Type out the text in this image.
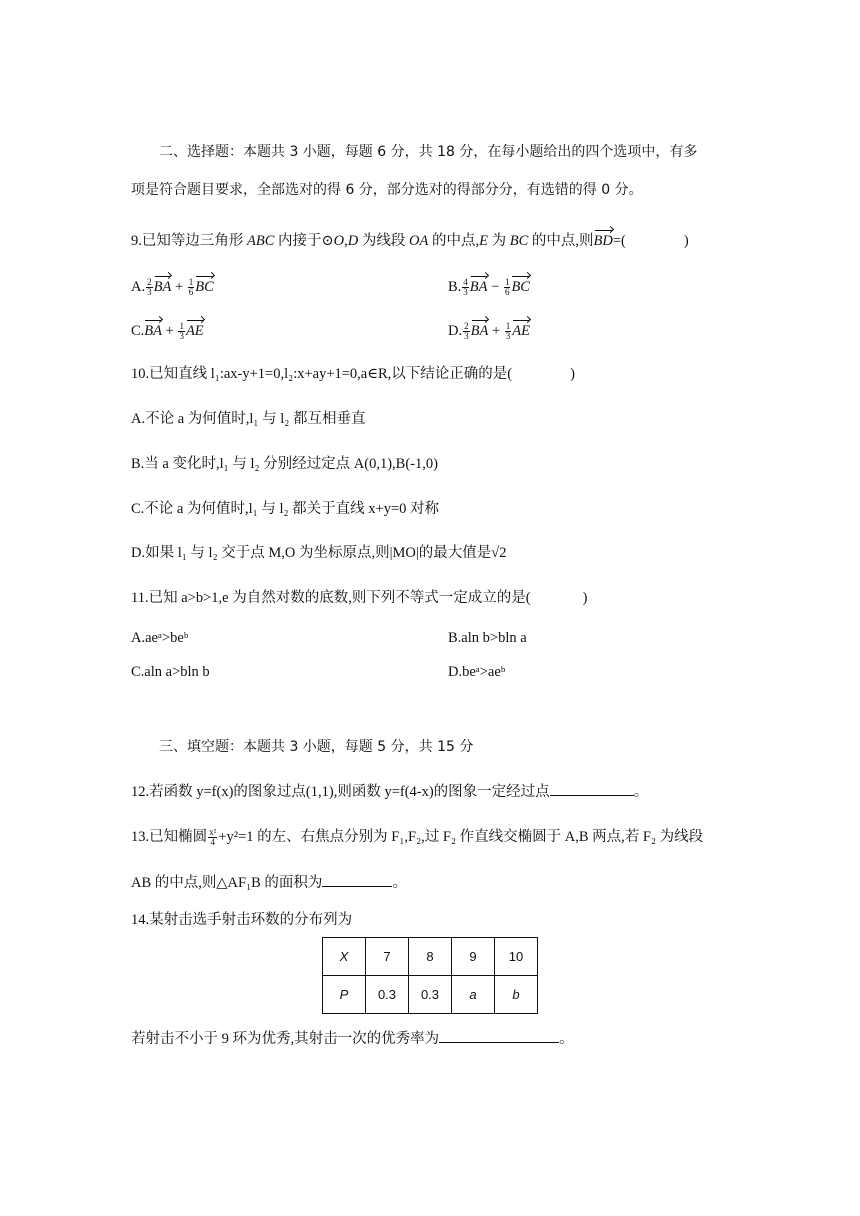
二、选择题：本题共 3 小题，每题 6 分，共 18 分，在每小题给出的四个选项中，有多
项是符合题目要求，全部选对的得 6 分，部分选对的得部分分，有选错的得 0 分。
9.已知等边三角形 ABC 内接于⊙O,D 为线段 OA 的中点,E 为 BC 的中点,则BD=(	)
A. $\frac{2}{3}$ BA + $\frac{1}{6}$ BC	B. $\frac{4}{3}$ BA − $\frac{1}{6}$ BC
$C.BA + \frac{1}{3}$ AE	D. $\frac{2}{3}$ BA + $\frac{1}{3}$ AE
10.已知直线 l₁:ax-y+1=0,l₂:x+ay+1=0,a∈R,以下结论正确的是(	)
A.不论 a 为何值时,l₁ 与 l₂ 都互相垂直
B.当 a 变化时,l₁ 与 l₂ 分别经过定点 A(0,1),B(-1,0)
C.不论 a 为何值时,l₁ 与 l₂ 都关于直线 x+y=0 对称
D.如果 l₁ 与 l₂ 交于点 M,O 为坐标原点,则|MO|的最大值是√2
11.已知 a>b>1,e 为自然对数的底数,则下列不等式一定成立的是(	)
A.aeᵃ>beᵇ	B.aln b>bln a
C.aln a>bln b	D.beᵃ>aeᵇ
三、填空题：本题共 3 小题，每题 5 分，共 15 分
12.若函数 y=f(x)的图象过点(1,1),则函数 y=f(4-x)的图象一定经过点	。
13.已知椭圆 $\frac{\text{x²}}{4} +y^2=1$ 的左、右焦点分别为 F₁,F₂,过 F₂ 作直线交椭圆于 A,B 两点,若 F₂ 为线段
AB 的中点,则△AF₁B 的面积为	。
14.某射击选手射击环数的分布列为
X	7	8	9	10
P	0.3	0.3	a	b
若射击不小于 9 环为优秀,其射击一次的优秀率为	。
